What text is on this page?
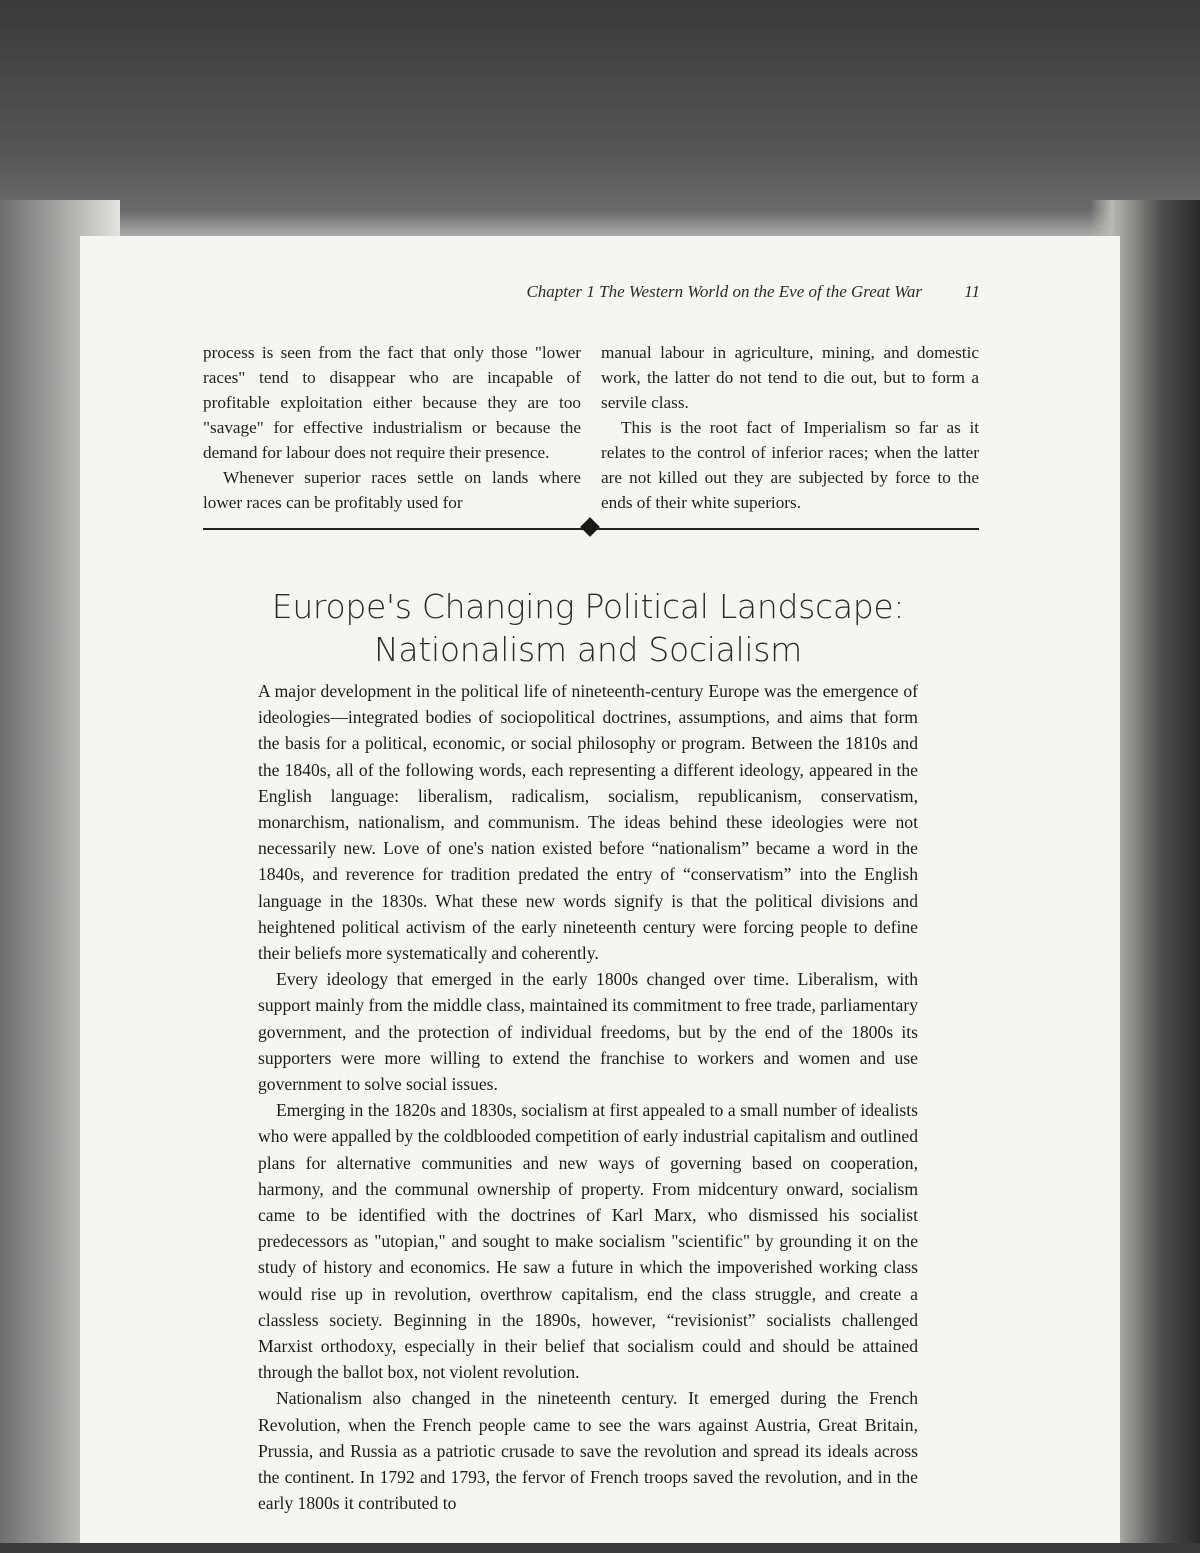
Chapter 1 The Western World on the Eve of the Great War 11

process is seen from the fact that only those "lower races" tend to disappear who are incapable of profitable exploitation either because they are too "savage" for effective industrialism or because the demand for labour does not require their presence.

Whenever superior races settle on lands where lower races can be profitably used for

manual labour in agriculture, mining, and domestic work, the latter do not tend to die out, but to form a servile class.

This is the root fact of Imperialism so far as it relates to the control of inferior races; when the latter are not killed out they are subjected by force to the ends of their white superiors.

Europe's Changing Political Landscape:
Nationalism and Socialism

A major development in the political life of nineteenth-century Europe was the emergence of ideologies—integrated bodies of sociopolitical doctrines, assumptions, and aims that form the basis for a political, economic, or social philosophy or program. Between the 1810s and the 1840s, all of the following words, each representing a different ideology, appeared in the English language: liberalism, radicalism, socialism, republicanism, conservatism, monarchism, nationalism, and communism. The ideas behind these ideologies were not necessarily new. Love of one's nation existed before “nationalism” became a word in the 1840s, and reverence for tradition predated the entry of “conservatism” into the English language in the 1830s. What these new words signify is that the political divisions and heightened political activism of the early nineteenth century were forcing people to define their beliefs more systematically and coherently.

Every ideology that emerged in the early 1800s changed over time. Liberalism, with support mainly from the middle class, maintained its commitment to free trade, parliamentary government, and the protection of individual freedoms, but by the end of the 1800s its supporters were more willing to extend the franchise to workers and women and use government to solve social issues.

Emerging in the 1820s and 1830s, socialism at first appealed to a small number of idealists who were appalled by the coldblooded competition of early industrial capitalism and outlined plans for alternative communities and new ways of governing based on cooperation, harmony, and the communal ownership of property. From midcentury onward, socialism came to be identified with the doctrines of Karl Marx, who dismissed his socialist predecessors as "utopian," and sought to make socialism "scientific" by grounding it on the study of history and economics. He saw a future in which the impoverished working class would rise up in revolution, overthrow capitalism, end the class struggle, and create a classless society. Beginning in the 1890s, however, “revisionist” socialists challenged Marxist orthodoxy, especially in their belief that socialism could and should be attained through the ballot box, not violent revolution.

Nationalism also changed in the nineteenth century. It emerged during the French Revolution, when the French people came to see the wars against Austria, Great Britain, Prussia, and Russia as a patriotic crusade to save the revolution and spread its ideals across the continent. In 1792 and 1793, the fervor of French troops saved the revolution, and in the early 1800s it contributed to
